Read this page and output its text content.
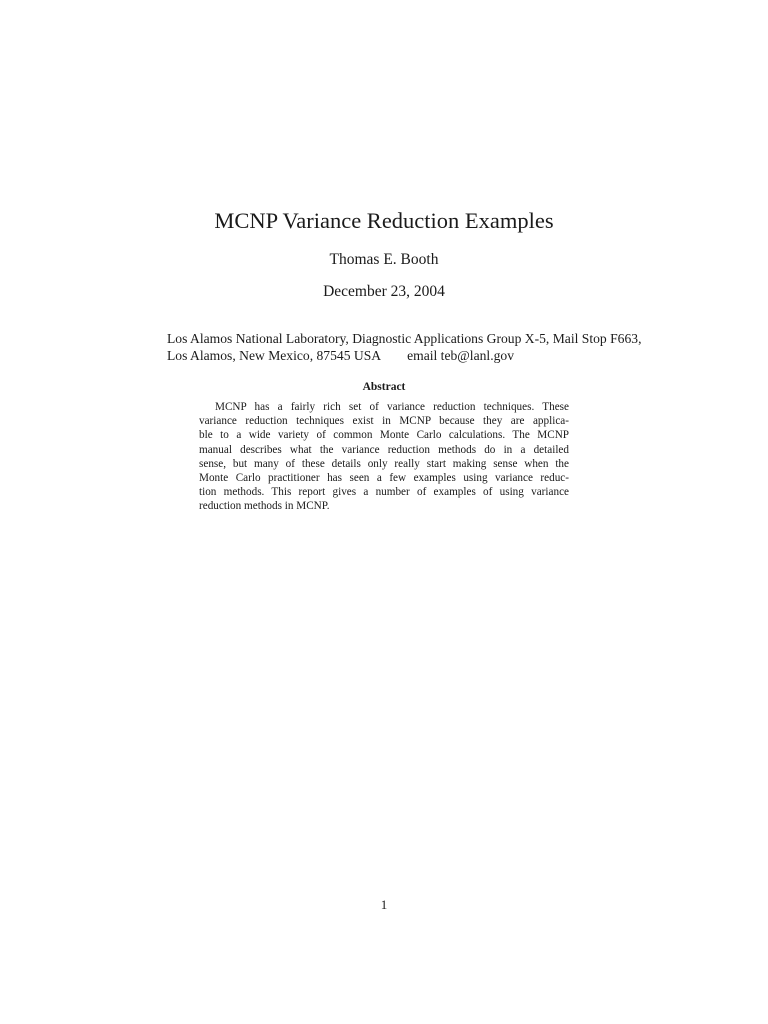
MCNP Variance Reduction Examples
Thomas E. Booth
December 23, 2004
Los Alamos National Laboratory, Diagnostic Applications Group X-5, Mail Stop F663,
Los Alamos, New Mexico, 87545 USA email teb@lanl.gov
Abstract
MCNP has a fairly rich set of variance reduction techniques. These
variance reduction techniques exist in MCNP because they are applica-
ble to a wide variety of common Monte Carlo calculations. The MCNP
manual describes what the variance reduction methods do in a detailed
sense, but many of these details only really start making sense when the
Monte Carlo practitioner has seen a few examples using variance reduc-
tion methods. This report gives a number of examples of using variance
reduction methods in MCNP.
1
